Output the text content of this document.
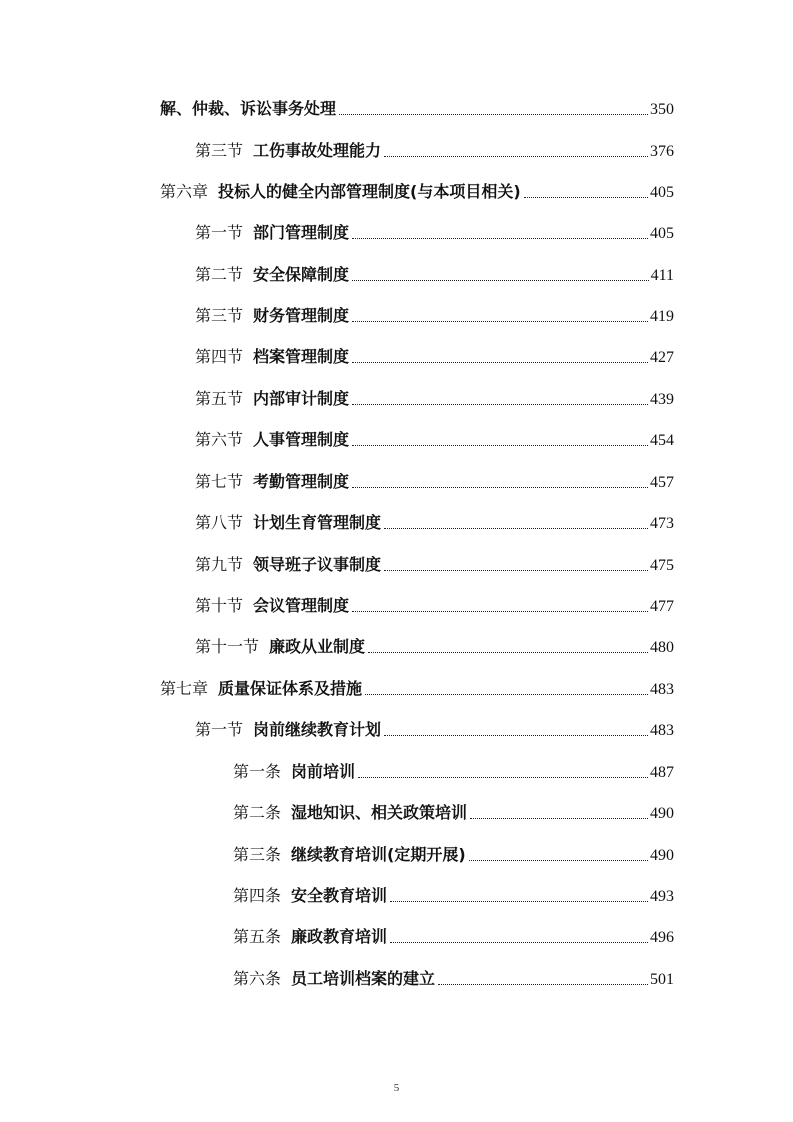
解、仲裁、诉讼事务处理	350
第三节 工伤事故处理能力	376
第六章 投标人的健全内部管理制度(与本项目相关)	405
第一节 部门管理制度	405
第二节 安全保障制度	411
第三节 财务管理制度	419
第四节 档案管理制度	427
第五节 内部审计制度	439
第六节 人事管理制度	454
第七节 考勤管理制度	457
第八节 计划生育管理制度	473
第九节 领导班子议事制度	475
第十节 会议管理制度	477
第十一节 廉政从业制度	480
第七章 质量保证体系及措施	483
第一节 岗前继续教育计划	483
第一条 岗前培训	487
第二条 湿地知识、相关政策培训	490
第三条 继续教育培训(定期开展)	490
第四条 安全教育培训	493
第五条 廉政教育培训	496
第六条 员工培训档案的建立	501
5
